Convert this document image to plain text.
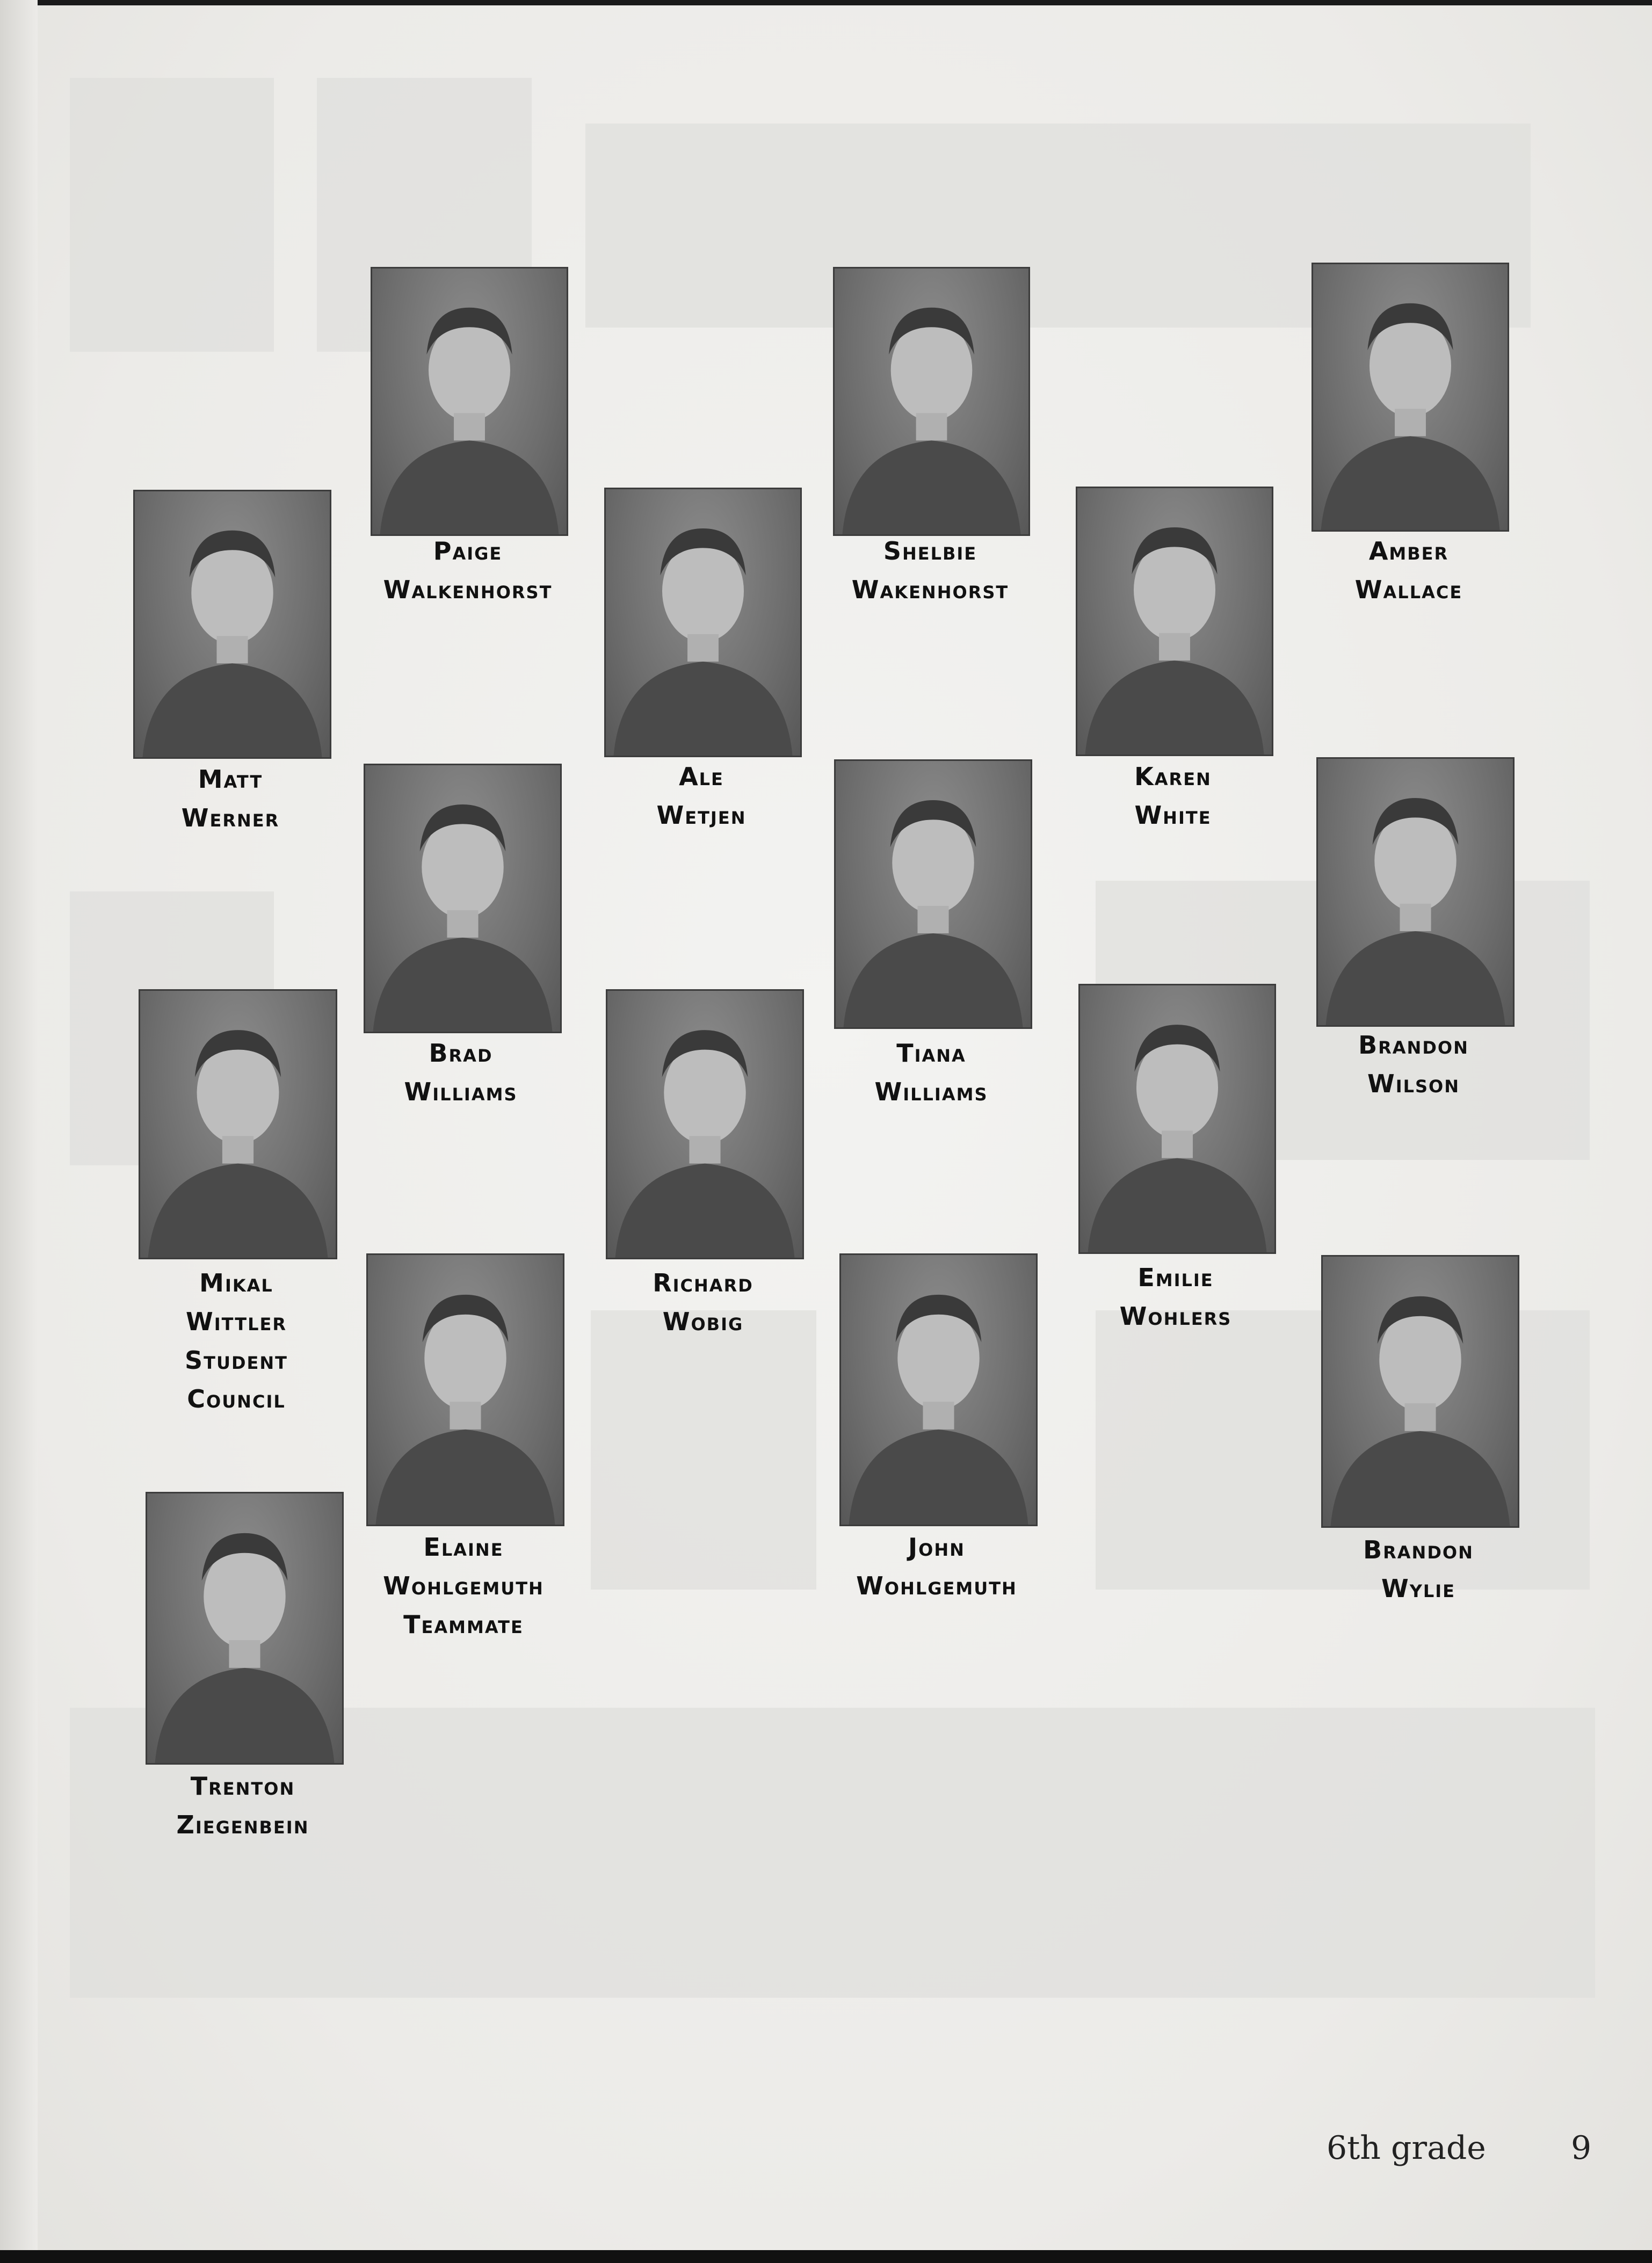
Paige
Walkenhorst
Shelbie
Wakenhorst
Amber
Wallace
Matt
Werner
Ale
Wetjen
Karen
White
Brad
Williams
Tiana
Williams
Brandon
Wilson
Mikal
Wittler
Student
Council
Richard
Wobig
Emilie
Wohlers
Elaine
Wohlgemuth
Teammate
John
Wohlgemuth
Brandon
Wylie
Trenton
Ziegenbein
6th grade	9
